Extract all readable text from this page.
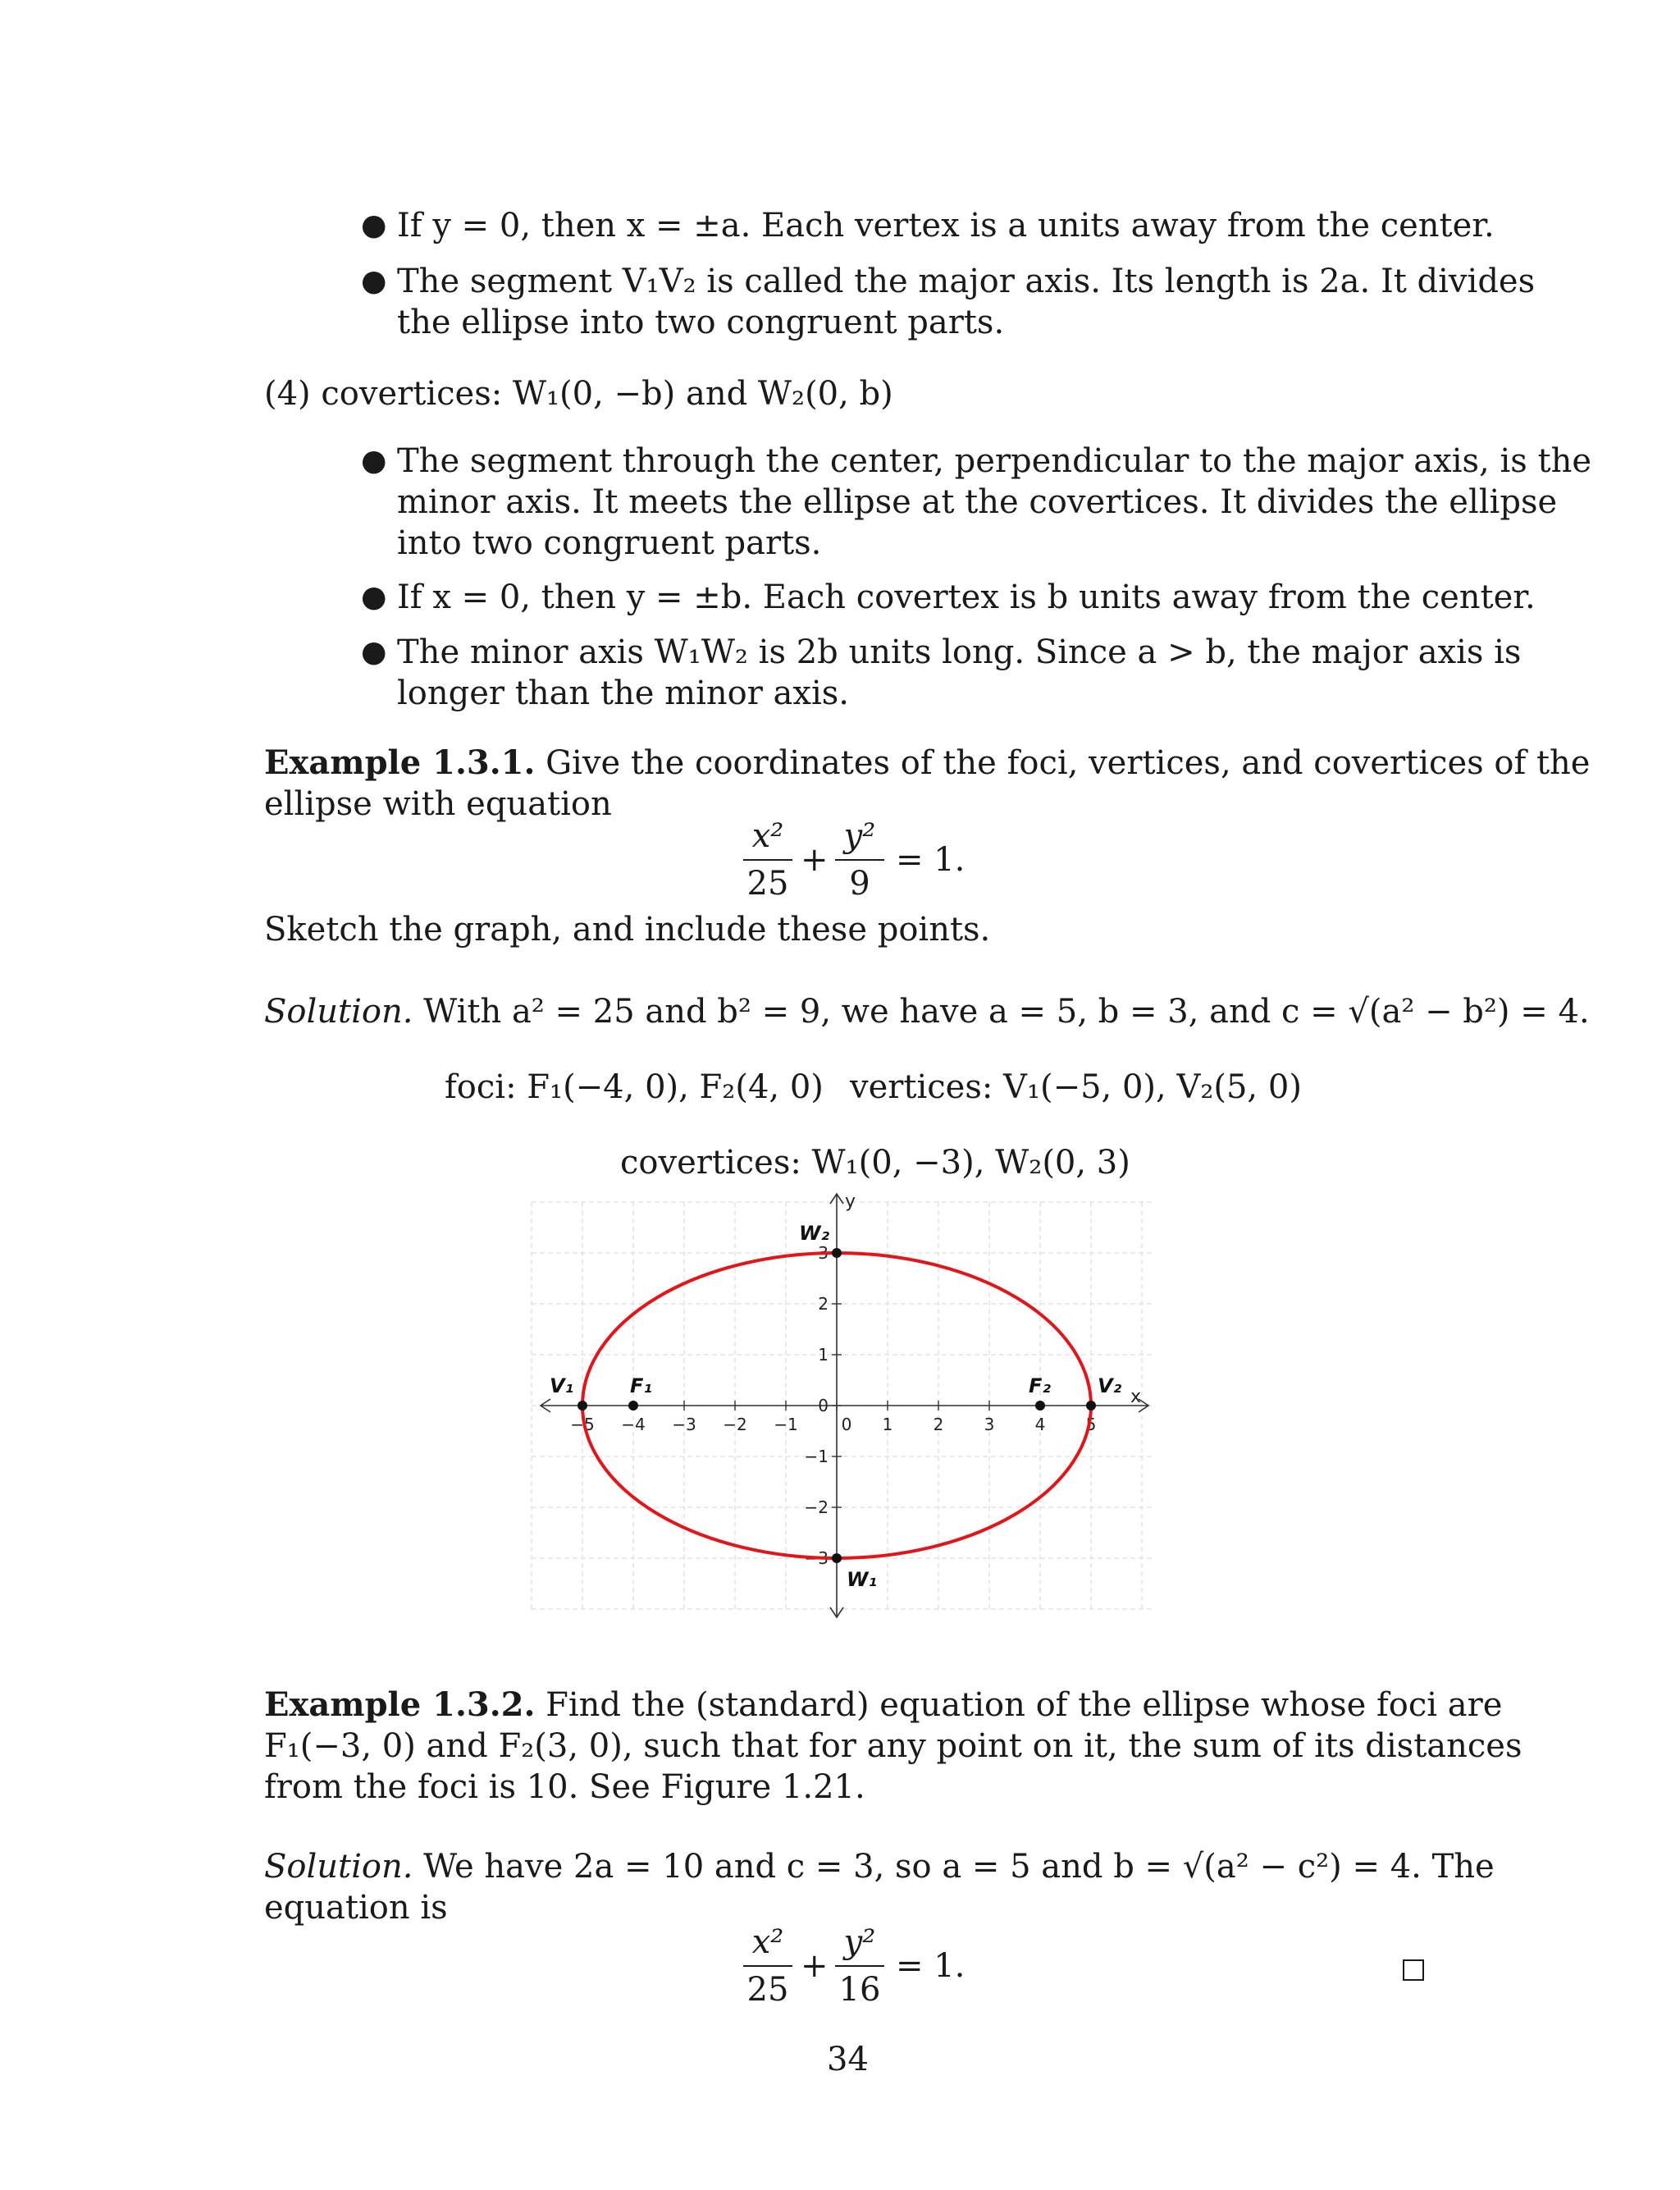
● If y = 0, then x = ±a. Each vertex is a units away from the center.
● The segment V₁V₂ is called the major axis. Its length is 2a. It divides
the ellipse into two congruent parts.
(4) covertices: W₁(0, −b) and W₂(0, b)
● The segment through the center, perpendicular to the major axis, is the
minor axis. It meets the ellipse at the covertices. It divides the ellipse
into two congruent parts.
● If x = 0, then y = ±b. Each covertex is b units away from the center.
● The minor axis W₁W₂ is 2b units long. Since a > b, the major axis is
longer than the minor axis.
Example 1.3.1. Give the coordinates of the foci, vertices, and covertices of the
ellipse with equation
x²
25
+
y²
9
= 1.
Sketch the graph, and include these points.
Solution. With a² = 25 and b² = 9, we have a = 5, b = 3, and c = √(a² − b²) = 4.
foci: F₁(−4, 0), F₂(4, 0) vertices: V₁(−5, 0), V₂(5, 0)
covertices: W₁(0, −3), W₂(0, 3)
x
y
−5 −4 −3 −2 −1	0 1 2 3 4 5
3
2
1
0
−1
−2
−3
V₁	F₁	F₂ V₂
W₂
W₁
Example 1.3.2. Find the (standard) equation of the ellipse whose foci are
F₁(−3, 0) and F₂(3, 0), such that for any point on it, the sum of its distances
from the foci is 10. See Figure 1.21.
Solution. We have 2a = 10 and c = 3, so a = 5 and b = √(a² − c²) = 4. The
equation is
x²
25
+
y²
16
= 1.
34
